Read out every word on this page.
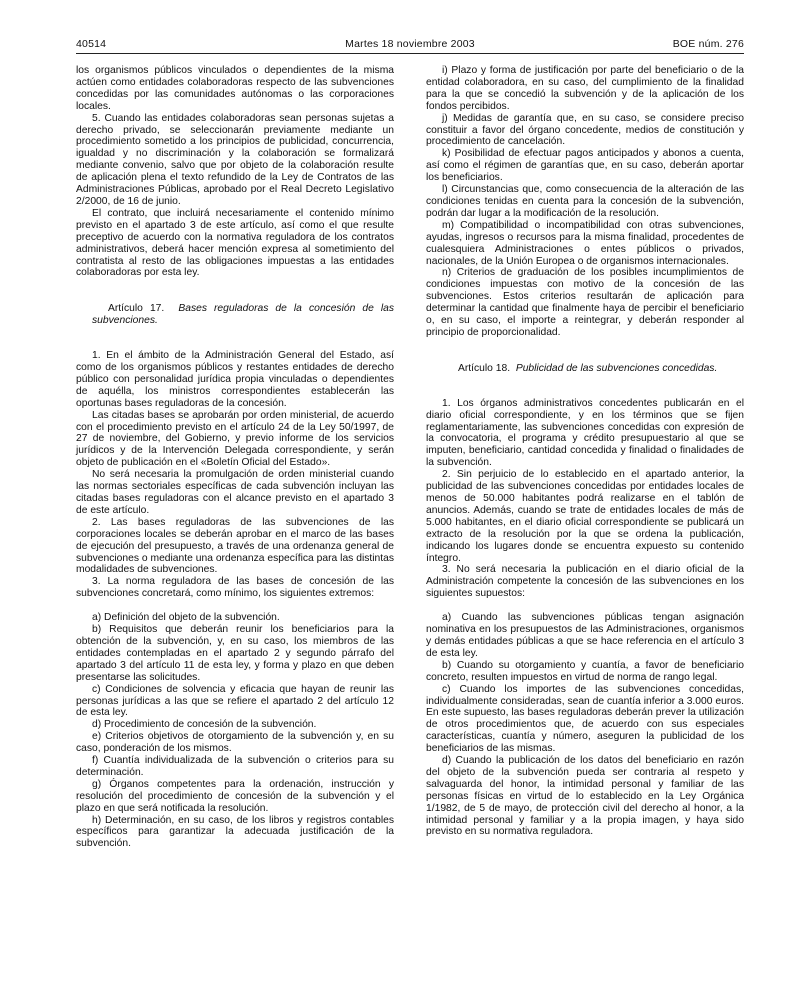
40514	Martes 18 noviembre 2003	BOE núm. 276

los organismos públicos vinculados o dependientes de la misma actúen como entidades colaboradoras respecto de las subvenciones concedidas por las comunidades autónomas o las corporaciones locales.

5. Cuando las entidades colaboradoras sean personas sujetas a derecho privado, se seleccionarán previamente mediante un procedimiento sometido a los principios de publicidad, concurrencia, igualdad y no discriminación y la colaboración se formalizará mediante convenio, salvo que por objeto de la colaboración resulte de aplicación plena el texto refundido de la Ley de Contratos de las Administraciones Públicas, aprobado por el Real Decreto Legislativo 2/2000, de 16 de junio.

El contrato, que incluirá necesariamente el contenido mínimo previsto en el apartado 3 de este artículo, así como el que resulte preceptivo de acuerdo con la normativa reguladora de los contratos administrativos, deberá hacer mención expresa al sometimiento del contratista al resto de las obligaciones impuestas a las entidades colaboradoras por esta ley.

Artículo 17. Bases reguladoras de la concesión de las subvenciones.

1. En el ámbito de la Administración General del Estado, así como de los organismos públicos y restantes entidades de derecho público con personalidad jurídica propia vinculadas o dependientes de aquélla, los ministros correspondientes establecerán las oportunas bases reguladoras de la concesión.

Las citadas bases se aprobarán por orden ministerial, de acuerdo con el procedimiento previsto en el artículo 24 de la Ley 50/1997, de 27 de noviembre, del Gobierno, y previo informe de los servicios jurídicos y de la Intervención Delegada correspondiente, y serán objeto de publicación en el «Boletín Oficial del Estado».

No será necesaria la promulgación de orden ministerial cuando las normas sectoriales específicas de cada subvención incluyan las citadas bases reguladoras con el alcance previsto en el apartado 3 de este artículo.

2. Las bases reguladoras de las subvenciones de las corporaciones locales se deberán aprobar en el marco de las bases de ejecución del presupuesto, a través de una ordenanza general de subvenciones o mediante una ordenanza específica para las distintas modalidades de subvenciones.

3. La norma reguladora de las bases de concesión de las subvenciones concretará, como mínimo, los siguientes extremos:

a) Definición del objeto de la subvención.

b) Requisitos que deberán reunir los beneficiarios para la obtención de la subvención, y, en su caso, los miembros de las entidades contempladas en el apartado 2 y segundo párrafo del apartado 3 del artículo 11 de esta ley, y forma y plazo en que deben presentarse las solicitudes.

c) Condiciones de solvencia y eficacia que hayan de reunir las personas jurídicas a las que se refiere el apartado 2 del artículo 12 de esta ley.

d) Procedimiento de concesión de la subvención.

e) Criterios objetivos de otorgamiento de la subvención y, en su caso, ponderación de los mismos.

f) Cuantía individualizada de la subvención o criterios para su determinación.

g) Órganos competentes para la ordenación, instrucción y resolución del procedimiento de concesión de la subvención y el plazo en que será notificada la resolución.

h) Determinación, en su caso, de los libros y registros contables específicos para garantizar la adecuada justificación de la subvención.

i) Plazo y forma de justificación por parte del beneficiario o de la entidad colaboradora, en su caso, del cumplimiento de la finalidad para la que se concedió la subvención y de la aplicación de los fondos percibidos.

j) Medidas de garantía que, en su caso, se considere preciso constituir a favor del órgano concedente, medios de constitución y procedimiento de cancelación.

k) Posibilidad de efectuar pagos anticipados y abonos a cuenta, así como el régimen de garantías que, en su caso, deberán aportar los beneficiarios.

l) Circunstancias que, como consecuencia de la alteración de las condiciones tenidas en cuenta para la concesión de la subvención, podrán dar lugar a la modificación de la resolución.

m) Compatibilidad o incompatibilidad con otras subvenciones, ayudas, ingresos o recursos para la misma finalidad, procedentes de cualesquiera Administraciones o entes públicos o privados, nacionales, de la Unión Europea o de organismos internacionales.

n) Criterios de graduación de los posibles incumplimientos de condiciones impuestas con motivo de la concesión de las subvenciones. Estos criterios resultarán de aplicación para determinar la cantidad que finalmente haya de percibir el beneficiario o, en su caso, el importe a reintegrar, y deberán responder al principio de proporcionalidad.

Artículo 18. Publicidad de las subvenciones concedidas.

1. Los órganos administrativos concedentes publicarán en el diario oficial correspondiente, y en los términos que se fijen reglamentariamente, las subvenciones concedidas con expresión de la convocatoria, el programa y crédito presupuestario al que se imputen, beneficiario, cantidad concedida y finalidad o finalidades de la subvención.

2. Sin perjuicio de lo establecido en el apartado anterior, la publicidad de las subvenciones concedidas por entidades locales de menos de 50.000 habitantes podrá realizarse en el tablón de anuncios. Además, cuando se trate de entidades locales de más de 5.000 habitantes, en el diario oficial correspondiente se publicará un extracto de la resolución por la que se ordena la publicación, indicando los lugares donde se encuentra expuesto su contenido íntegro.

3. No será necesaria la publicación en el diario oficial de la Administración competente la concesión de las subvenciones en los siguientes supuestos:

a) Cuando las subvenciones públicas tengan asignación nominativa en los presupuestos de las Administraciones, organismos y demás entidades públicas a que se hace referencia en el artículo 3 de esta ley.

b) Cuando su otorgamiento y cuantía, a favor de beneficiario concreto, resulten impuestos en virtud de norma de rango legal.

c) Cuando los importes de las subvenciones concedidas, individualmente consideradas, sean de cuantía inferior a 3.000 euros. En este supuesto, las bases reguladoras deberán prever la utilización de otros procedimientos que, de acuerdo con sus especiales características, cuantía y número, aseguren la publicidad de los beneficiarios de las mismas.

d) Cuando la publicación de los datos del beneficiario en razón del objeto de la subvención pueda ser contraria al respeto y salvaguarda del honor, la intimidad personal y familiar de las personas físicas en virtud de lo establecido en la Ley Orgánica 1/1982, de 5 de mayo, de protección civil del derecho al honor, a la intimidad personal y familiar y a la propia imagen, y haya sido previsto en su normativa reguladora.
